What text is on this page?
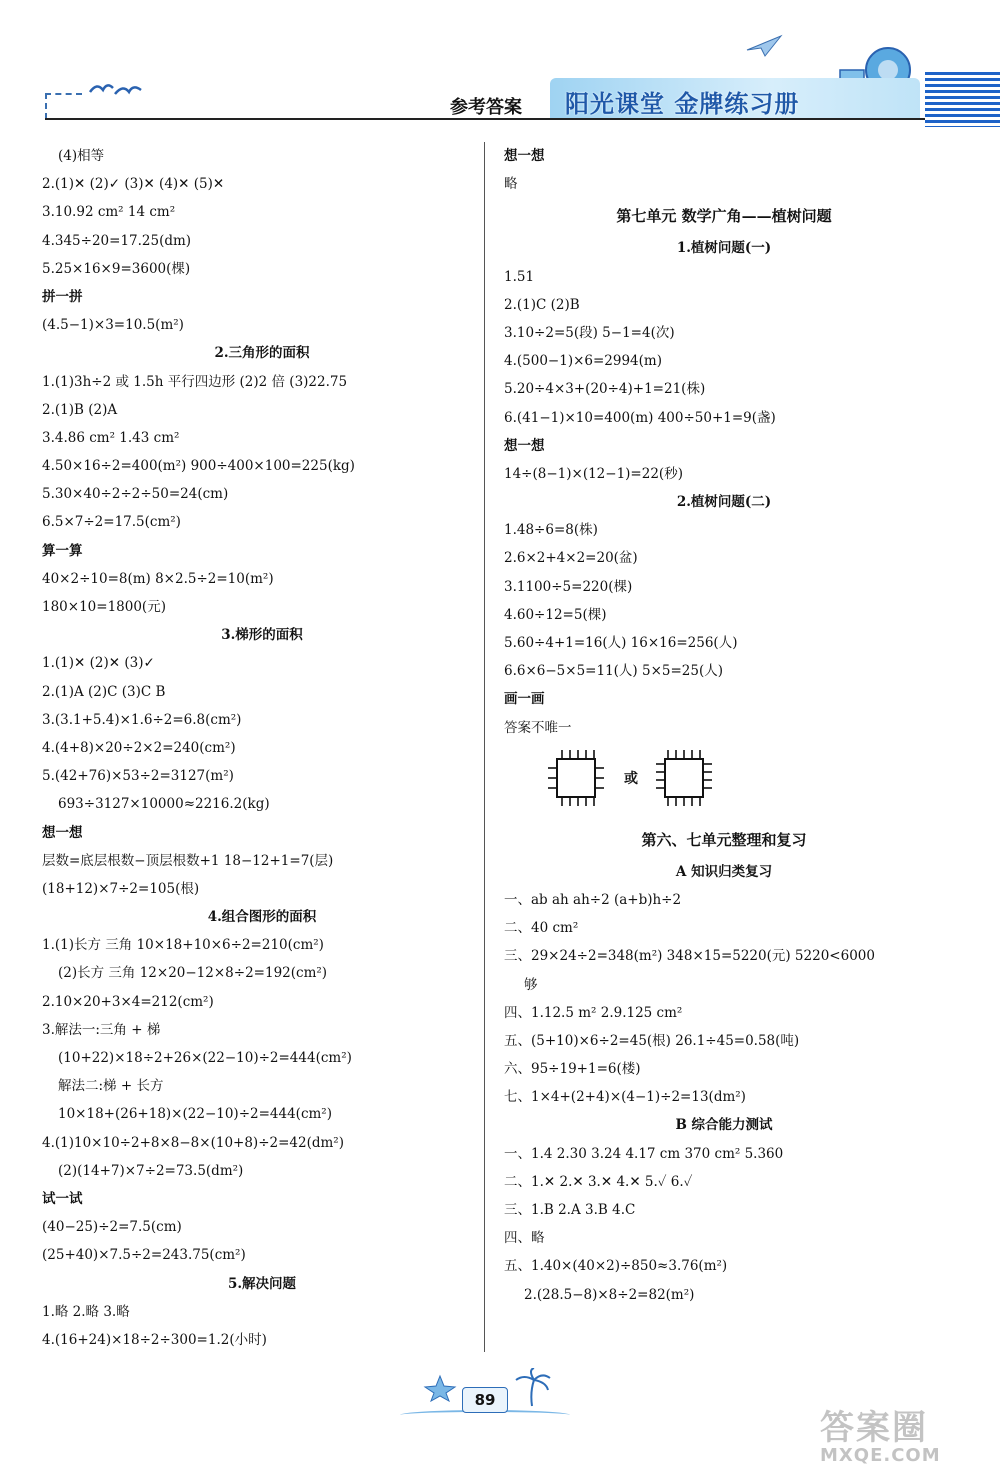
参考答案 阳光课堂 金牌练习册
(4)相等
2.(1)✕ (2)✓ (3)✕ (4)✕ (5)✕
3.10.92 cm² 14 cm²
4.345÷20=17.25(dm)
5.25×16×9=3600(棵)
拼一拼
(4.5−1)×3=10.5(m²)
2.三角形的面积
1.(1)3h÷2 或 1.5h 平行四边形 (2)2 倍 (3)22.75
2.(1)B (2)A
3.4.86 cm² 1.43 cm²
4.50×16÷2=400(m²) 900÷400×100=225(kg)
5.30×40÷2÷2÷50=24(cm)
6.5×7÷2=17.5(cm²)
算一算
40×2÷10=8(m) 8×2.5÷2=10(m²)
180×10=1800(元)
3.梯形的面积
1.(1)✕ (2)✕ (3)✓
2.(1)A (2)C (3)C B
3.(3.1+5.4)×1.6÷2=6.8(cm²)
4.(4+8)×20÷2×2=240(cm²)
5.(42+76)×53÷2=3127(m²)
693÷3127×10000≈2216.2(kg)
想一想
层数=底层根数−顶层根数+1 18−12+1=7(层)
(18+12)×7÷2=105(根)
4.组合图形的面积
1.(1)长方 三角 10×18+10×6÷2=210(cm²)
(2)长方 三角 12×20−12×8÷2=192(cm²)
2.10×20+3×4=212(cm²)
3.解法一:三角 + 梯
(10+22)×18÷2+26×(22−10)÷2=444(cm²)
解法二:梯 + 长方
10×18+(26+18)×(22−10)÷2=444(cm²)
4.(1)10×10÷2+8×8−8×(10+8)÷2=42(dm²)
(2)(14+7)×7÷2=73.5(dm²)
试一试
(40−25)÷2=7.5(cm)
(25+40)×7.5÷2=243.75(cm²)
5.解决问题
1.略 2.略 3.略
4.(16+24)×18÷2÷300=1.2(小时)
想一想
略
第七单元 数学广角——植树问题
1.植树问题(一)
1.51
2.(1)C (2)B
3.10÷2=5(段) 5−1=4(次)
4.(500−1)×6=2994(m)
5.20÷4×3+(20÷4)+1=21(株)
6.(41−1)×10=400(m) 400÷50+1=9(盏)
想一想
14÷(8−1)×(12−1)=22(秒)
2.植树问题(二)
1.48÷6=8(株)
2.6×2+4×2=20(盆)
3.1100÷5=220(棵)
4.60÷12=5(棵)
5.60÷4+1=16(人) 16×16=256(人)
6.6×6−5×5=11(人) 5×5=25(人)
画一画
答案不唯一
或
第六、七单元整理和复习
A 知识归类复习
一、ab ah ah÷2 (a+b)h÷2
二、40 cm²
三、29×24÷2=348(m²) 348×15=5220(元) 5220<6000
够
四、1.12.5 m² 2.9.125 cm²
五、(5+10)×6÷2=45(根) 26.1÷45=0.58(吨)
六、95÷19+1=6(楼)
七、1×4+(2+4)×(4−1)÷2=13(dm²)
B 综合能力测试
一、1.4 2.30 3.24 4.17 cm 370 cm² 5.360
二、1.✕ 2.✕ 3.✕ 4.✕ 5.✓ 6.✓
三、1.B 2.A 3.B 4.C
四、略
五、1.40×(40×2)÷850≈3.76(m²)
2.(28.5−8)×8÷2=82(m²)
89
答案圈
MXQE.COM
